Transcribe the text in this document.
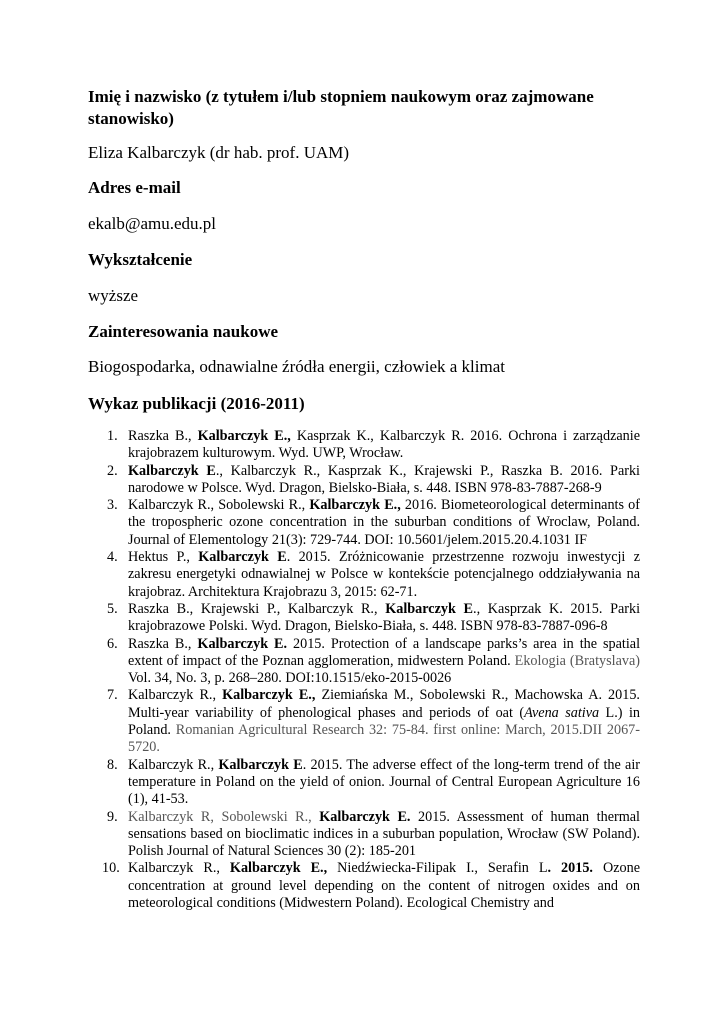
Imię i nazwisko (z tytułem i/lub stopniem naukowym oraz zajmowane stanowisko)

Eliza Kalbarczyk (dr hab. prof. UAM)

Adres e-mail

ekalb@amu.edu.pl

Wykształcenie

wyższe

Zainteresowania naukowe

Biogospodarka, odnawialne źródła energii, człowiek a klimat

Wykaz publikacji (2016-2011)
1. Raszka B., Kalbarczyk E., Kasprzak K., Kalbarczyk R. 2016. Ochrona i zarządzanie krajobrazem kulturowym. Wyd. UWP, Wrocław.
2. Kalbarczyk E., Kalbarczyk R., Kasprzak K., Krajewski P., Raszka B. 2016. Parki narodowe w Polsce. Wyd. Dragon, Bielsko-Biała, s. 448. ISBN 978-83-7887-268-9
3. Kalbarczyk R., Sobolewski R., Kalbarczyk E., 2016. Biometeorological determinants of the tropospheric ozone concentration in the suburban conditions of Wroclaw, Poland. Journal of Elementology 21(3): 729-744. DOI: 10.5601/jelem.2015.20.4.1031 IF
4. Hektus P., Kalbarczyk E. 2015. Zróżnicowanie przestrzenne rozwoju inwestycji z zakresu energetyki odnawialnej w Polsce w kontekście potencjalnego oddziaływania na krajobraz. Architektura Krajobrazu 3, 2015: 62-71.
5. Raszka B., Krajewski P., Kalbarczyk R., Kalbarczyk E., Kasprzak K. 2015. Parki krajobrazowe Polski. Wyd. Dragon, Bielsko-Biała, s. 448. ISBN 978-83-7887-096-8
6. Raszka B., Kalbarczyk E. 2015. Protection of a landscape parks’s area in the spatial extent of impact of the Poznan agglomeration, midwestern Poland. Ekologia (Bratyslava) Vol. 34, No. 3, p. 268–280. DOI:10.1515/eko-2015-0026
7. Kalbarczyk R., Kalbarczyk E., Ziemiańska M., Sobolewski R., Machowska A. 2015. Multi-year variability of phenological phases and periods of oat (Avena sativa L.) in Poland. Romanian Agricultural Research 32: 75-84. first online: March, 2015.DII 2067-5720.
8. Kalbarczyk R., Kalbarczyk E. 2015. The adverse effect of the long-term trend of the air temperature in Poland on the yield of onion. Journal of Central European Agriculture 16 (1), 41-53.
9. Kalbarczyk R, Sobolewski R., Kalbarczyk E. 2015. Assessment of human thermal sensations based on bioclimatic indices in a suburban population, Wrocław (SW Poland). Polish Journal of Natural Sciences 30 (2): 185-201
10. Kalbarczyk R., Kalbarczyk E., Niedźwiecka-Filipak I., Serafin L. 2015. Ozone concentration at ground level depending on the content of nitrogen oxides and on meteorological conditions (Midwestern Poland). Ecological Chemistry and
